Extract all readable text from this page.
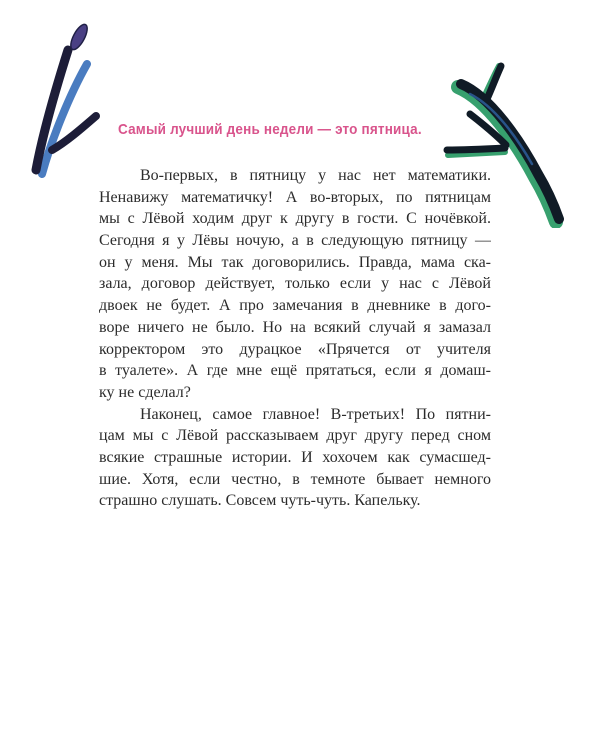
Самый лучший день недели — это пятница.
Во-первых, в пятницу у нас нет математики.
Ненавижу математичку! А во-вторых, по пятницам
мы с Лёвой ходим друг к другу в гости. С ночёвкой.
Сегодня я у Лёвы ночую, а в следующую пятницу —
он у меня. Мы так договорились. Правда, мама ска-
зала, договор действует, только если у нас с Лёвой
двоек не будет. А про замечания в дневнике в дого-
воре ничего не было. Но на всякий случай я замазал
корректором это дурацкое «Прячется от учителя
в туалете». А где мне ещё прятаться, если я домаш-
ку не сделал?
Наконец, самое главное! В-третьих! По пятни-
цам мы с Лёвой рассказываем друг другу перед сном
всякие страшные истории. И хохочем как сумасшед-
шие. Хотя, если честно, в темноте бывает немного
страшно слушать. Совсем чуть-чуть. Капельку.
